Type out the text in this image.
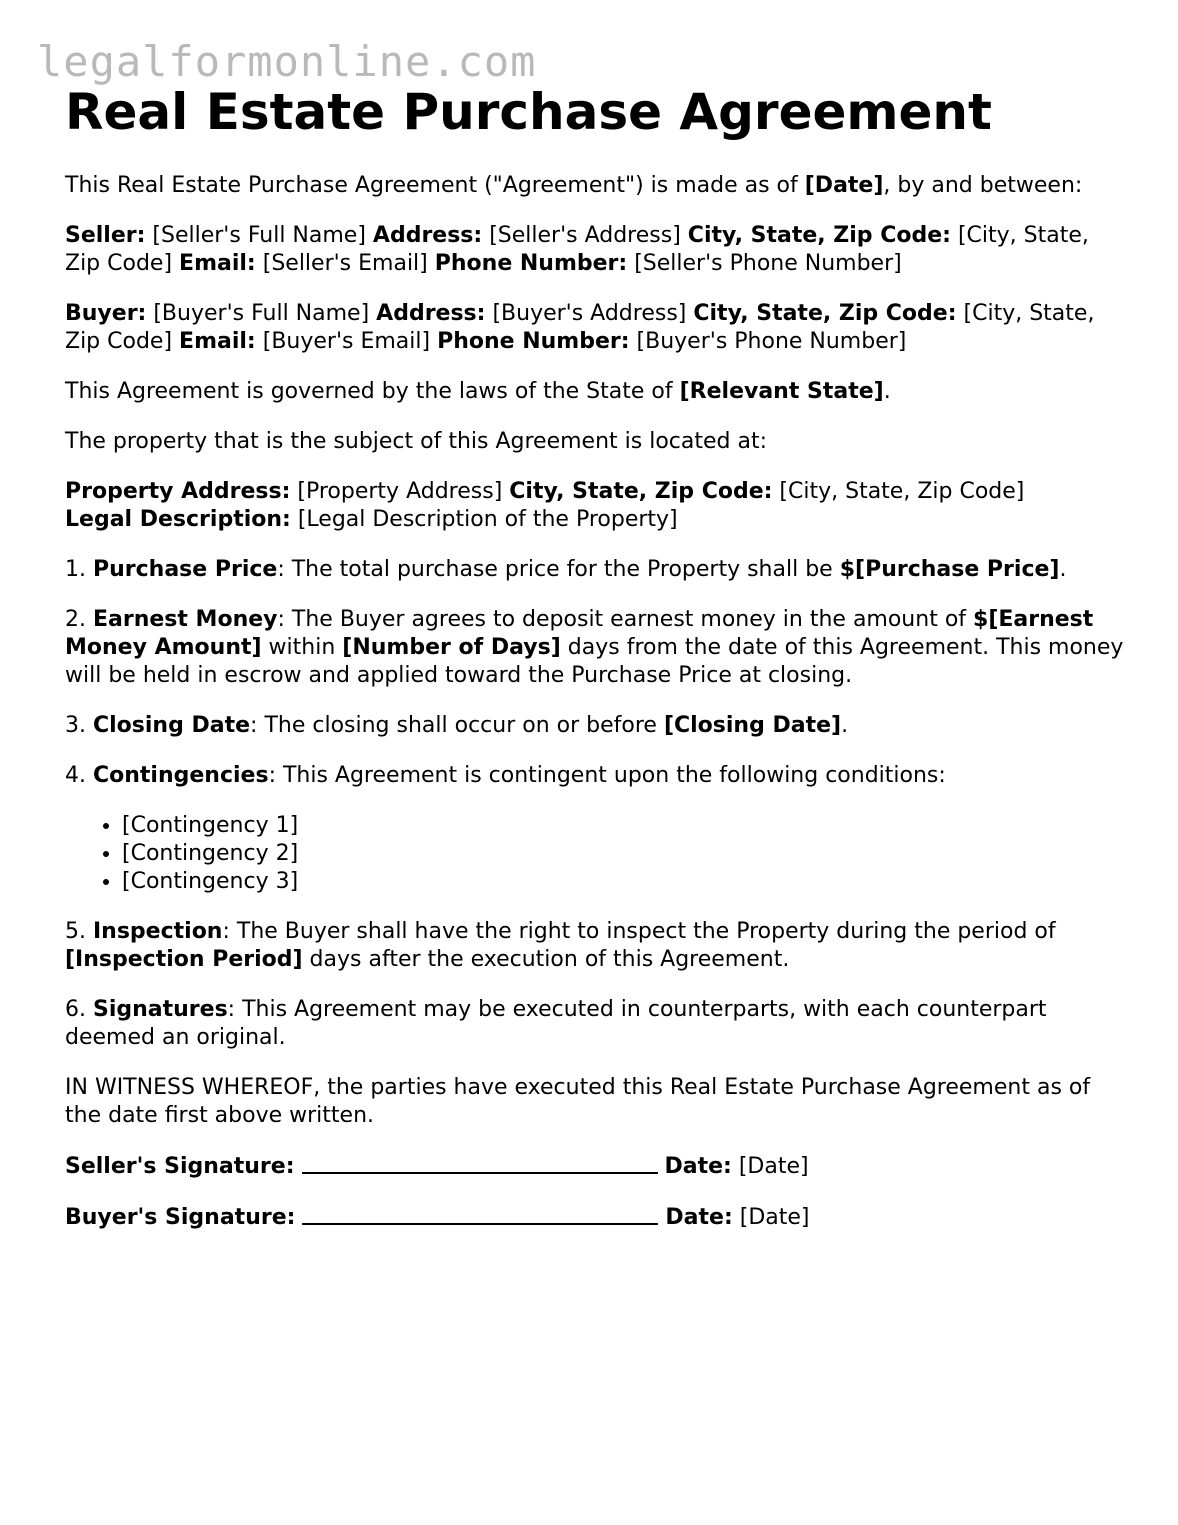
legalformonline.com
Real Estate Purchase Agreement

This Real Estate Purchase Agreement ("Agreement") is made as of [Date], by and between:

Seller: [Seller's Full Name] Address: [Seller's Address] City, State, Zip Code: [City, State, Zip Code] Email: [Seller's Email] Phone Number: [Seller's Phone Number]

Buyer: [Buyer's Full Name] Address: [Buyer's Address] City, State, Zip Code: [City, State, Zip Code] Email: [Buyer's Email] Phone Number: [Buyer's Phone Number]

This Agreement is governed by the laws of the State of [Relevant State].

The property that is the subject of this Agreement is located at:

Property Address: [Property Address] City, State, Zip Code: [City, State, Zip Code]
Legal Description: [Legal Description of the Property]

1. Purchase Price: The total purchase price for the Property shall be $[Purchase Price].

2. Earnest Money: The Buyer agrees to deposit earnest money in the amount of $[Earnest Money Amount] within [Number of Days] days from the date of this Agreement. This money will be held in escrow and applied toward the Purchase Price at closing.

3. Closing Date: The closing shall occur on or before [Closing Date].

4. Contingencies: This Agreement is contingent upon the following conditions:

• [Contingency 1]
• [Contingency 2]
• [Contingency 3]

5. Inspection: The Buyer shall have the right to inspect the Property during the period of [Inspection Period] days after the execution of this Agreement.

6. Signatures: This Agreement may be executed in counterparts, with each counterpart deemed an original.

IN WITNESS WHEREOF, the parties have executed this Real Estate Purchase Agreement as of the date first above written.

Seller's Signature:	Date: [Date]

Buyer's Signature:	Date: [Date]
